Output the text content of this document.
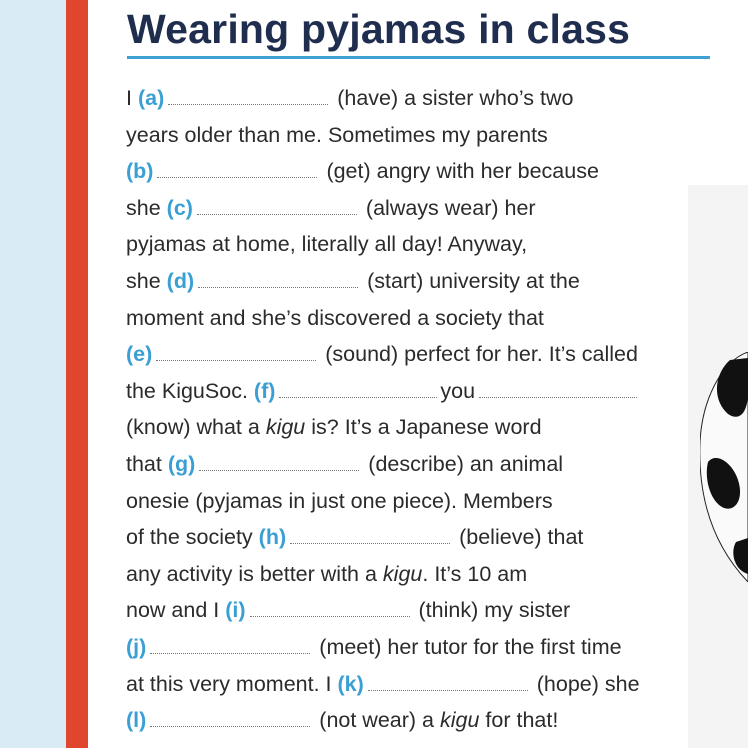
Wearing pyjamas in class
I (a)	(have) a sister who’s two
years older than me. Sometimes my parents
(b)	(get) angry with her because
she (c)	(always wear) her
pyjamas at home, literally all day! Anyway,
she (d)	(start) university at the
moment and she’s discovered a society that
(e)	(sound) perfect for her. It’s called
the KiguSoc. (f)	you
(know) what a kigu is? It’s a Japanese word
that (g)	(describe) an animal
onesie (pyjamas in just one piece). Members
of the society (h)	(believe) that
any activity is better with a kigu. It’s 10 am
now and I (i)	(think) my sister
(j)	(meet) her tutor for the first time
at this very moment. I (k)	(hope) she
(l)	(not wear) a kigu for that!
